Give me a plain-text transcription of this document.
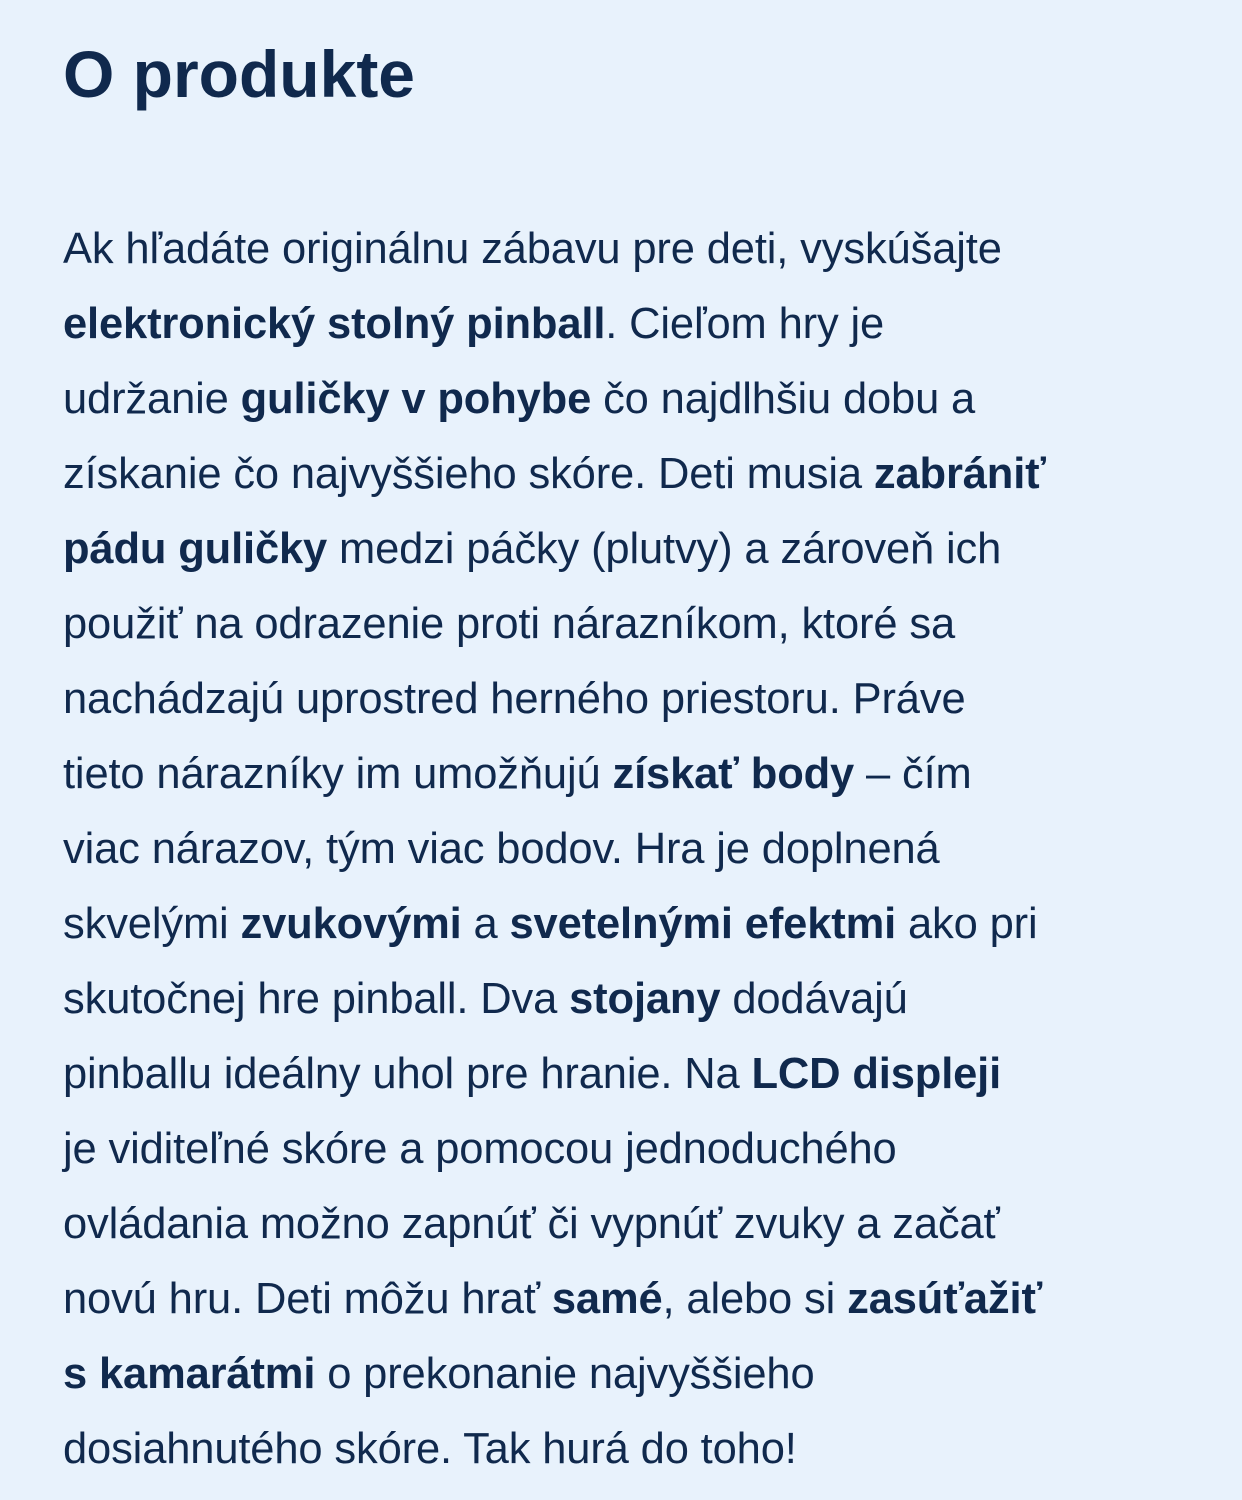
O produkte
Ak hľadáte originálnu zábavu pre deti, vyskúšajte
elektronický stolný pinball. Cieľom hry je
udržanie guličky v pohybe čo najdlhšiu dobu a
získanie čo najvyššieho skóre. Deti musia zabrániť
pádu guličky medzi páčky (plutvy) a zároveň ich
použiť na odrazenie proti nárazníkom, ktoré sa
nachádzajú uprostred herného priestoru. Práve
tieto nárazníky im umožňujú získať body – čím
viac nárazov, tým viac bodov. Hra je doplnená
skvelými zvukovými a svetelnými efektmi ako pri
skutočnej hre pinball. Dva stojany dodávajú
pinballu ideálny uhol pre hranie. Na LCD displeji
je viditeľné skóre a pomocou jednoduchého
ovládania možno zapnúť či vypnúť zvuky a začať
novú hru. Deti môžu hrať samé, alebo si zasúťažiť
s kamarátmi o prekonanie najvyššieho
dosiahnutého skóre. Tak hurá do toho!
